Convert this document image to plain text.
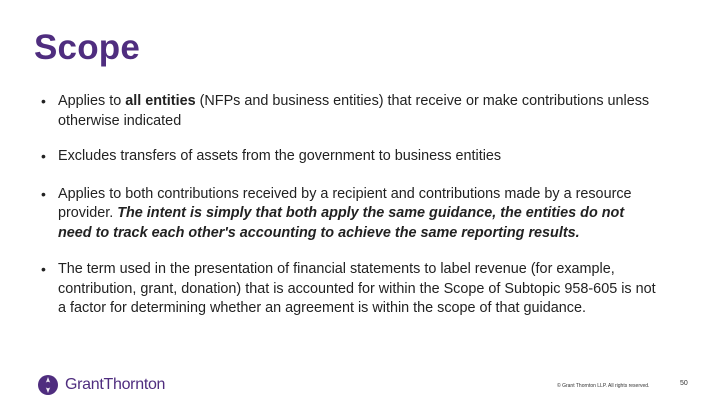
Scope
• Applies to all entities (NFPs and business entities) that receive or make contributions unless otherwise indicated
• Excludes transfers of assets from the government to business entities
• Applies to both contributions received by a recipient and contributions made by a resource provider. The intent is simply that both apply the same guidance, the entities do not need to track each other's accounting to achieve the same reporting results.
• The term used in the presentation of financial statements to label revenue (for example, contribution, grant, donation) that is accounted for within the Scope of Subtopic 958-605 is not a factor for determining whether an agreement is within the scope of that guidance.
GrantThornton	© Grant Thornton LLP. All rights reserved.	50
